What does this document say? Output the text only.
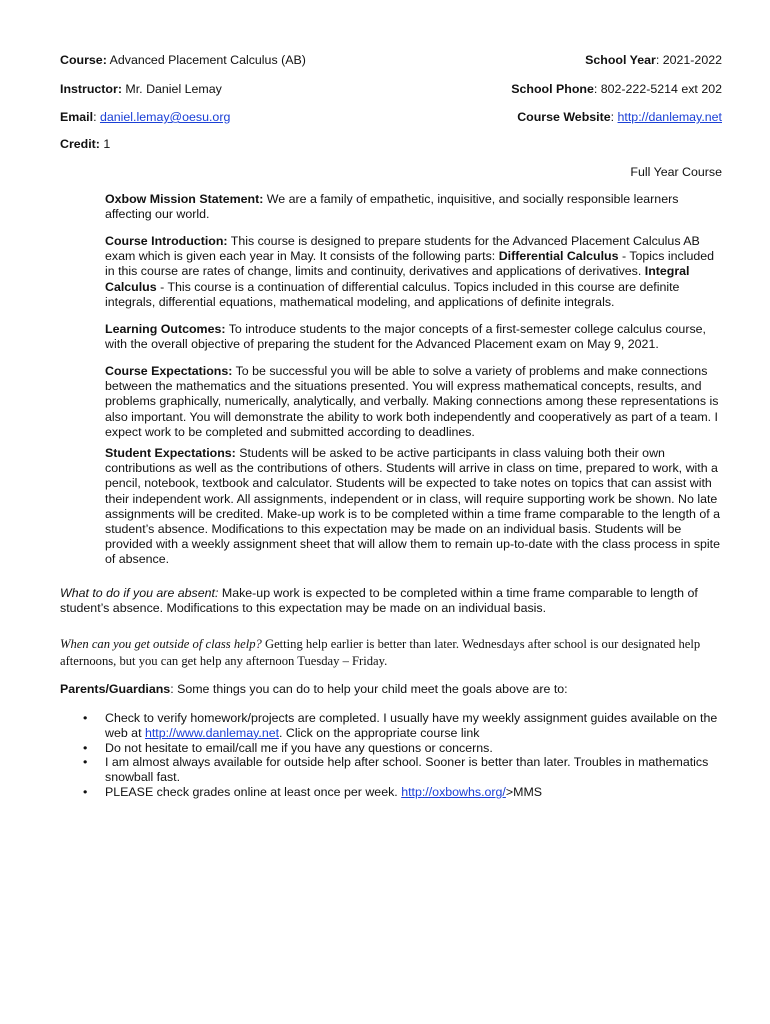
Course: Advanced Placement Calculus (AB)	School Year: 2021-2022
Instructor: Mr. Daniel Lemay	School Phone: 802-222-5214 ext 202
Email: daniel.lemay@oesu.org	Course Website: http://danlemay.net
Credit: 1
Full Year Course
Oxbow Mission Statement: We are a family of empathetic, inquisitive, and socially responsible learners affecting our world.
Course Introduction: This course is designed to prepare students for the Advanced Placement Calculus AB exam which is given each year in May. It consists of the following parts: Differential Calculus - Topics included in this course are rates of change, limits and continuity, derivatives and applications of derivatives. Integral Calculus - This course is a continuation of differential calculus. Topics included in this course are definite integrals, differential equations, mathematical modeling, and applications of definite integrals.
Learning Outcomes: To introduce students to the major concepts of a first-semester college calculus course, with the overall objective of preparing the student for the Advanced Placement exam on May 9, 2021.
Course Expectations: To be successful you will be able to solve a variety of problems and make connections between the mathematics and the situations presented. You will express mathematical concepts, results, and problems graphically, numerically, analytically, and verbally. Making connections among these representations is also important. You will demonstrate the ability to work both independently and cooperatively as part of a team. I expect work to be completed and submitted according to deadlines.
Student Expectations: Students will be asked to be active participants in class valuing both their own contributions as well as the contributions of others. Students will arrive in class on time, prepared to work, with a pencil, notebook, textbook and calculator. Students will be expected to take notes on topics that can assist with their independent work. All assignments, independent or in class, will require supporting work be shown. No late assignments will be credited. Make-up work is to be completed within a time frame comparable to the length of a student’s absence. Modifications to this expectation may be made on an individual basis. Students will be provided with a weekly assignment sheet that will allow them to remain up-to-date with the class process in spite of absence.
What to do if you are absent: Make-up work is expected to be completed within a time frame comparable to length of student’s absence. Modifications to this expectation may be made on an individual basis.
When can you get outside of class help? Getting help earlier is better than later. Wednesdays after school is our designated help afternoons, but you can get help any afternoon Tuesday – Friday.
Parents/Guardians: Some things you can do to help your child meet the goals above are to:
• Check to verify homework/projects are completed. I usually have my weekly assignment guides available on the web at http://www.danlemay.net. Click on the appropriate course link
• Do not hesitate to email/call me if you have any questions or concerns.
• I am almost always available for outside help after school. Sooner is better than later. Troubles in mathematics snowball fast.
• PLEASE check grades online at least once per week. http://oxbowhs.org/>MMS
